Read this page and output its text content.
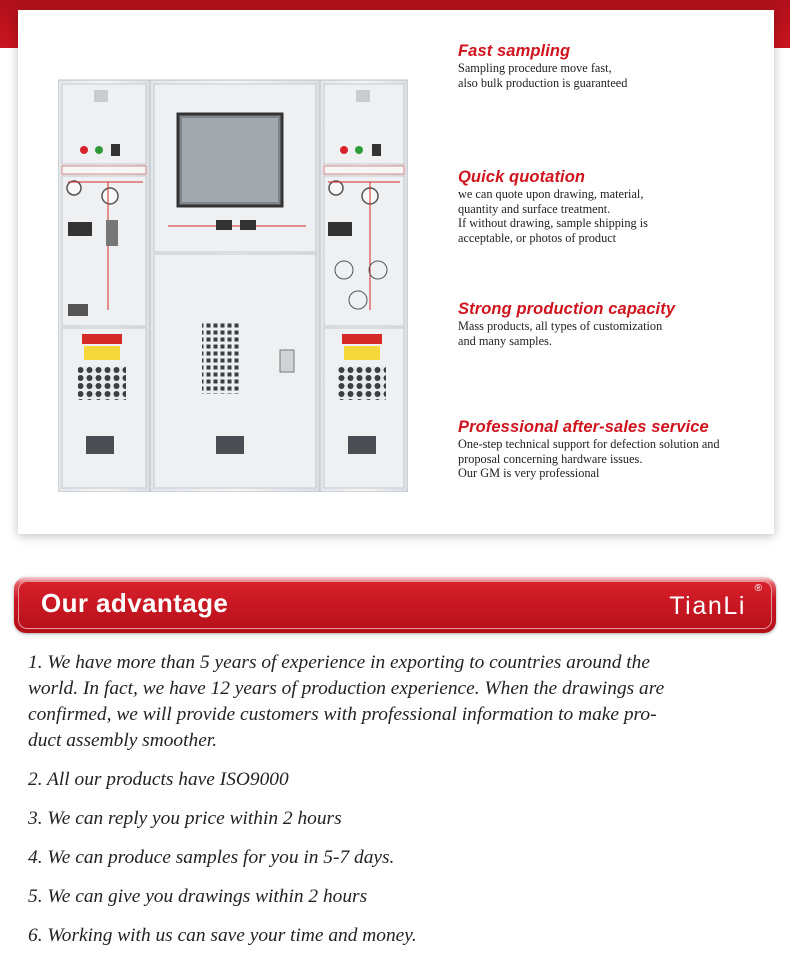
Fast sampling
Sampling procedure move fast,
also bulk production is guaranteed
Quick quotation
we can quote upon drawing, material,
quantity and surface treatment.
If without drawing, sample shipping is
acceptable, or photos of product
Strong production capacity
Mass products, all types of customization
and many samples.
Professional after-sales service
One-step technical support for defection solution and
proposal concerning hardware issues.
Our GM is very professional
Our advantage	TianLi
®
1. We have more than 5 years of experience in exporting to countries around the
world. In fact, we have 12 years of production experience. When the drawings are
confirmed, we will provide customers with professional information to make pro-
duct assembly smoother.
2. All our products have ISO9000
3. We can reply you price within 2 hours
4. We can produce samples for you in 5-7 days.
5. We can give you drawings within 2 hours
6. Working with us can save your time and money.
